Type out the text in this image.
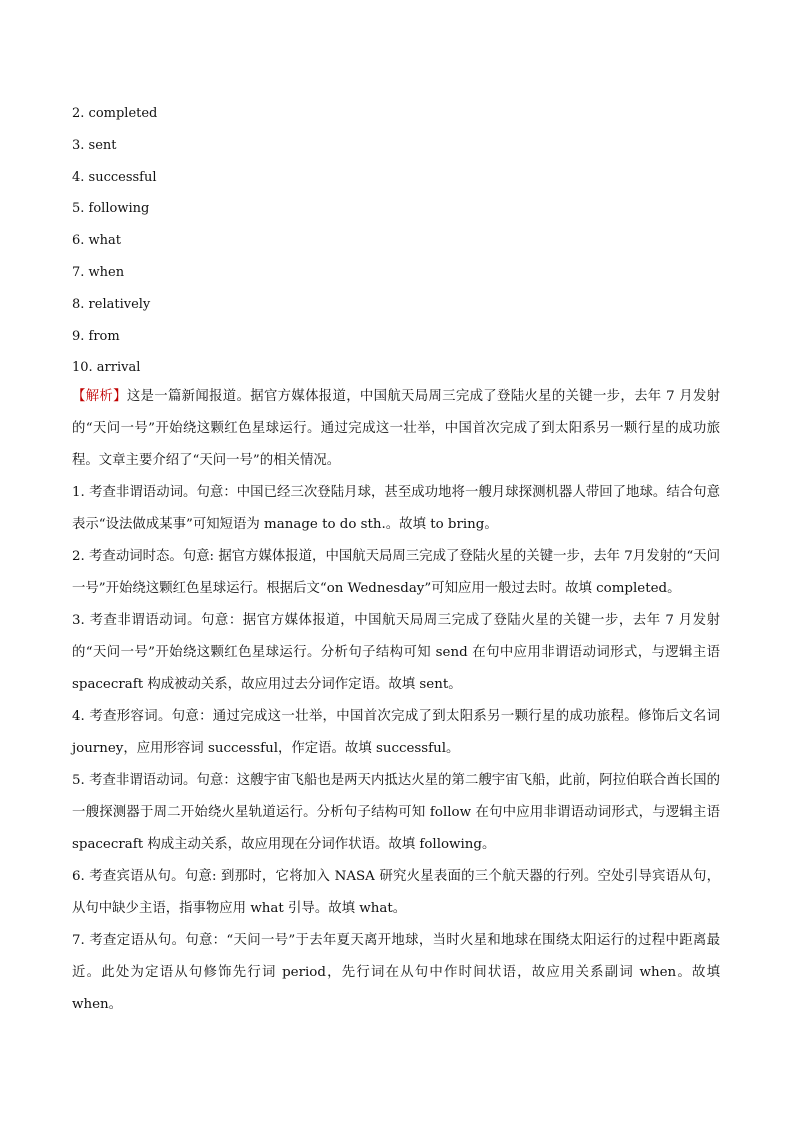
2. completed
3. sent
4. successful
5. following
6. what
7. when
8. relatively
9. from
10. arrival

【解析】这是一篇新闻报道。据官方媒体报道，中国航天局周三完成了登陆火星的关键一步，去年 7 月发射的“天问一号”开始绕这颗红色星球运行。通过完成这一壮举，中国首次完成了到太阳系另一颗行星的成功旅程。文章主要介绍了“天问一号”的相关情况。

1. 考查非谓语动词。句意：中国已经三次登陆月球，甚至成功地将一艘月球探测机器人带回了地球。结合句意表示“设法做成某事”可知短语为 manage to do sth.。故填 to bring。

2. 考查动词时态。句意: 据官方媒体报道，中国航天局周三完成了登陆火星的关键一步，去年 7月发射的“天问一号”开始绕这颗红色星球运行。根据后文“on Wednesday”可知应用一般过去时。故填 completed。

3. 考查非谓语动词。句意：据官方媒体报道，中国航天局周三完成了登陆火星的关键一步，去年 7 月发射的“天问一号”开始绕这颗红色星球运行。分析句子结构可知 send 在句中应用非谓语动词形式，与逻辑主语 spacecraft 构成被动关系，故应用过去分词作定语。故填 sent。

4. 考查形容词。句意：通过完成这一壮举，中国首次完成了到太阳系另一颗行星的成功旅程。修饰后文名词 journey，应用形容词 successful，作定语。故填 successful。

5. 考查非谓语动词。句意：这艘宇宙飞船也是两天内抵达火星的第二艘宇宙飞船，此前，阿拉伯联合酋长国的一艘探测器于周二开始绕火星轨道运行。分析句子结构可知 follow 在句中应用非谓语动词形式，与逻辑主语 spacecraft 构成主动关系，故应用现在分词作状语。故填 following。

6. 考查宾语从句。句意: 到那时，它将加入 NASA 研究火星表面的三个航天器的行列。空处引导宾语从句，从句中缺少主语，指事物应用 what 引导。故填 what。

7. 考查定语从句。句意：“天问一号”于去年夏天离开地球，当时火星和地球在围绕太阳运行的过程中距离最近。此处为定语从句修饰先行词 period，先行词在从句中作时间状语，故应用关系副词 when。故填 when。
